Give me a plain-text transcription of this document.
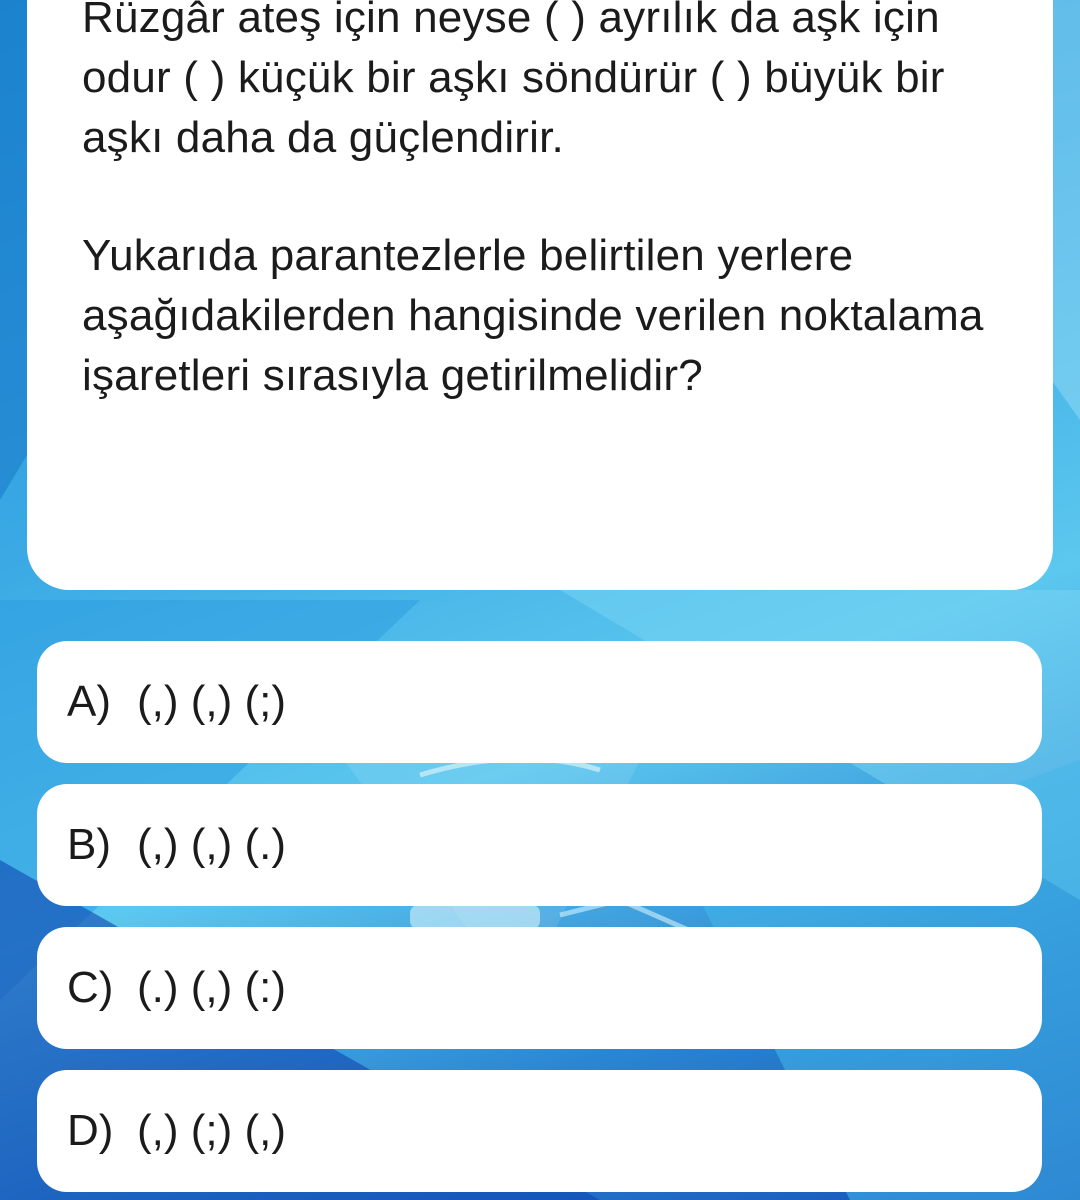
Rüzgâr ateş için neyse ( ) ayrılık da aşk için odur ( ) küçük bir aşkı söndürür ( ) büyük bir aşkı daha da güçlendirir.

Yukarıda parantezlerle belirtilen yerlere aşağıdakilerden hangisinde verilen noktalama işaretleri sırasıyla getirilmelidir?

A) (,) (,) (;)
B) (,) (,) (.)
C) (.) (,) (:)
D) (,) (;) (,)
